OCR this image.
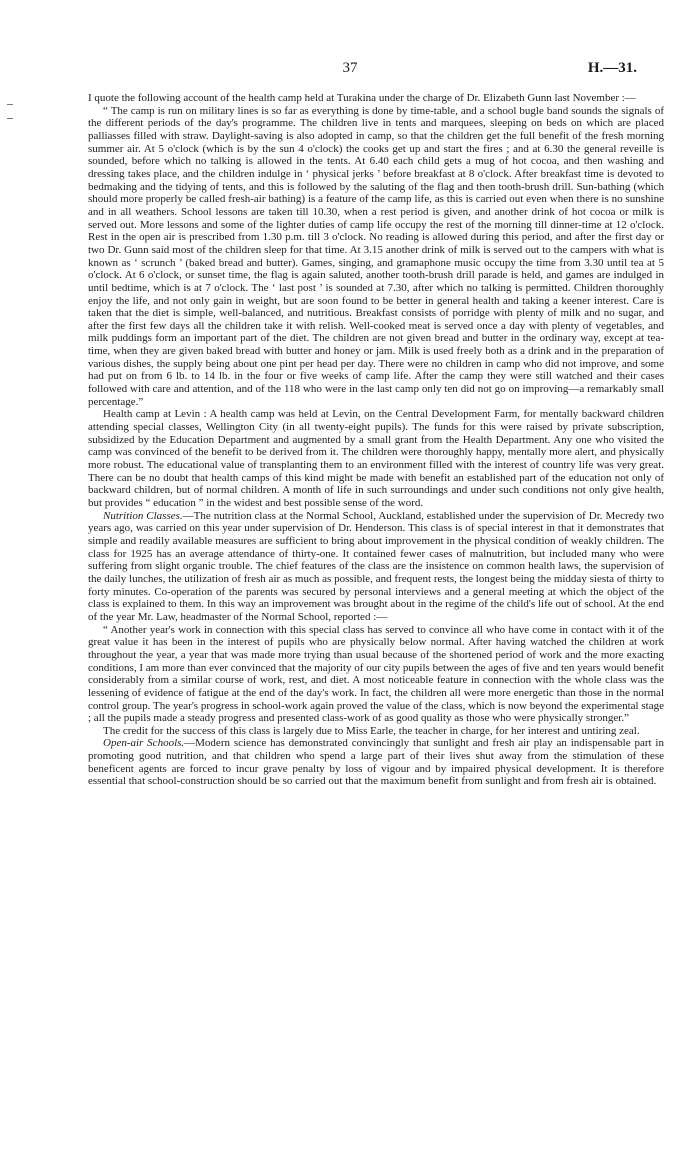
37	H.—31.

I quote the following account of the health camp held at Turakina under the charge of Dr. Elizabeth Gunn last November :—

“ The camp is run on military lines is so far as everything is done by time-table, and a school bugle band sounds the signals of the different periods of the day's programme. The children live in tents and marquees, sleeping on beds on which are placed palliasses filled with straw. Daylight-saving is also adopted in camp, so that the children get the full benefit of the fresh morning summer air. At 5 o'clock (which is by the sun 4 o'clock) the cooks get up and start the fires ; and at 6.30 the general reveille is sounded, before which no talking is allowed in the tents. At 6.40 each child gets a mug of hot cocoa, and then washing and dressing takes place, and the children indulge in ‘ physical jerks ’ before breakfast at 8 o'clock. After breakfast time is devoted to bedmaking and the tidying of tents, and this is followed by the saluting of the flag and then tooth-brush drill. Sun-bathing (which should more properly be called fresh-air bathing) is a feature of the camp life, as this is carried out even when there is no sunshine and in all weathers. School lessons are taken till 10.30, when a rest period is given, and another drink of hot cocoa or milk is served out. More lessons and some of the lighter duties of camp life occupy the rest of the morning till dinner-time at 12 o'clock. Rest in the open air is prescribed from 1.30 p.m. till 3 o'clock. No reading is allowed during this period, and after the first day or two Dr. Gunn said most of the children sleep for that time. At 3.15 another drink of milk is served out to the campers with what is known as ‘ scrunch ’ (baked bread and butter). Games, singing, and gramaphone music occupy the time from 3.30 until tea at 5 o'clock. At 6 o'clock, or sunset time, the flag is again saluted, another tooth-brush drill parade is held, and games are indulged in until bedtime, which is at 7 o'clock. The ‘ last post ’ is sounded at 7.30, after which no talking is permitted. Children thoroughly enjoy the life, and not only gain in weight, but are soon found to be better in general health and taking a keener interest. Care is taken that the diet is simple, well-balanced, and nutritious. Breakfast consists of porridge with plenty of milk and no sugar, and after the first few days all the children take it with relish. Well-cooked meat is served once a day with plenty of vegetables, and milk puddings form an important part of the diet. The children are not given bread and butter in the ordinary way, except at tea-time, when they are given baked bread with butter and honey or jam. Milk is used freely both as a drink and in the preparation of various dishes, the supply being about one pint per head per day. There were no children in camp who did not improve, and some had put on from 6 lb. to 14 lb. in the four or five weeks of camp life. After the camp they were still watched and their cases followed with care and attention, and of the 118 who were in the last camp only ten did not go on improving—a remarkably small percentage.”

Health camp at Levin : A health camp was held at Levin, on the Central Development Farm, for mentally backward children attending special classes, Wellington City (in all twenty-eight pupils). The funds for this were raised by private subscription, subsidized by the Education Department and augmented by a small grant from the Health Department. Any one who visited the camp was convinced of the benefit to be derived from it. The children were thoroughly happy, mentally more alert, and physically more robust. The educational value of transplanting them to an environment filled with the interest of country life was very great. There can be no doubt that health camps of this kind might be made with benefit an established part of the education not only of backward children, but of normal children. A month of life in such surroundings and under such conditions not only give health, but provides “ education ” in the widest and best possible sense of the word.

Nutrition Classes.—The nutrition class at the Normal School, Auckland, established under the supervision of Dr. Mecredy two years ago, was carried on this year under supervision of Dr. Henderson. This class is of special interest in that it demonstrates that simple and readily available measures are sufficient to bring about improvement in the physical condition of weakly children. The class for 1925 has an average attendance of thirty-one. It contained fewer cases of malnutrition, but included many who were suffering from slight organic trouble. The chief features of the class are the insistence on common health laws, the supervision of the daily lunches, the utilization of fresh air as much as possible, and frequent rests, the longest being the midday siesta of thirty to forty minutes. Co-operation of the parents was secured by personal interviews and a general meeting at which the object of the class is explained to them. In this way an improvement was brought about in the regime of the child's life out of school. At the end of the year Mr. Law, headmaster of the Normal School, reported :—

“ Another year's work in connection with this special class has served to convince all who have come in contact with it of the great value it has been in the interest of pupils who are physically below normal. After having watched the children at work throughout the year, a year that was made more trying than usual because of the shortened period of work and the more exacting conditions, I am more than ever convinced that the majority of our city pupils between the ages of five and ten years would benefit considerably from a similar course of work, rest, and diet. A most noticeable feature in connection with the whole class was the lessening of evidence of fatigue at the end of the day's work. In fact, the children all were more energetic than those in the normal control group. The year's progress in school-work again proved the value of the class, which is now beyond the experimental stage ; all the pupils made a steady progress and presented class-work of as good quality as those who were physically stronger.”

The credit for the success of this class is largely due to Miss Earle, the teacher in charge, for her interest and untiring zeal.

Open-air Schools.—Modern science has demonstrated convincingly that sunlight and fresh air play an indispensable part in promoting good nutrition, and that children who spend a large part of their lives shut away from the stimulation of these beneficent agents are forced to incur grave penalty by loss of vigour and by impaired physical development. It is therefore essential that school-construction should be so carried out that the maximum benefit from sunlight and from fresh air is obtained.
